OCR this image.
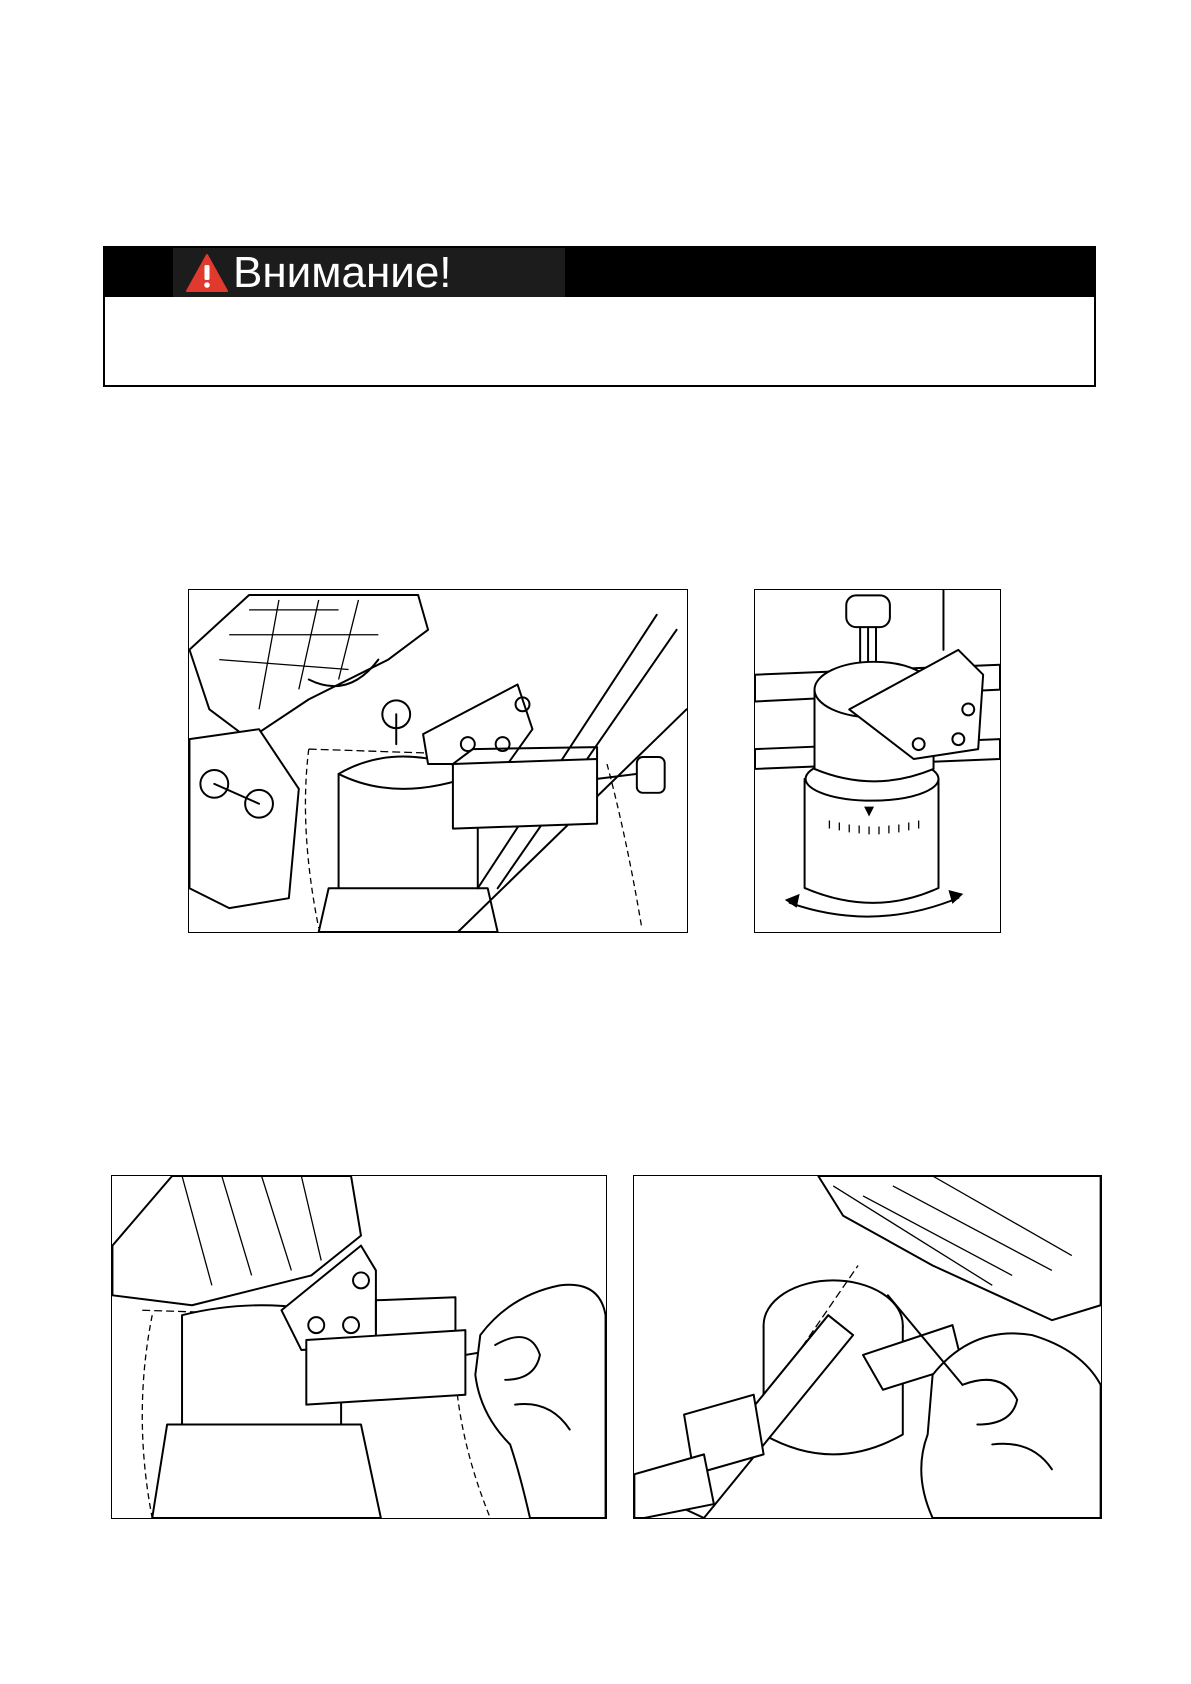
Внимание!
